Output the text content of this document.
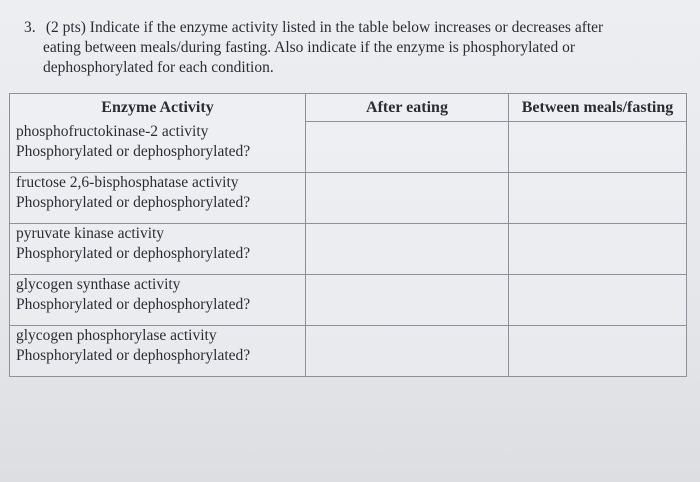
3. (2 pts) Indicate if the enzyme activity listed in the table below increases or decreases after
eating between meals/during fasting. Also indicate if the enzyme is phosphorylated or
dephosphorylated for each condition.
Enzyme Activity	After eating	Between meals/fasting

phosphofructokinase-2 activity
Phosphorylated or dephosphorylated?		

fructose 2,6-bisphosphatase activity
Phosphorylated or dephosphorylated?		

pyruvate kinase activity
Phosphorylated or dephosphorylated?		

glycogen synthase activity
Phosphorylated or dephosphorylated?		

glycogen phosphorylase activity
Phosphorylated or dephosphorylated?		
